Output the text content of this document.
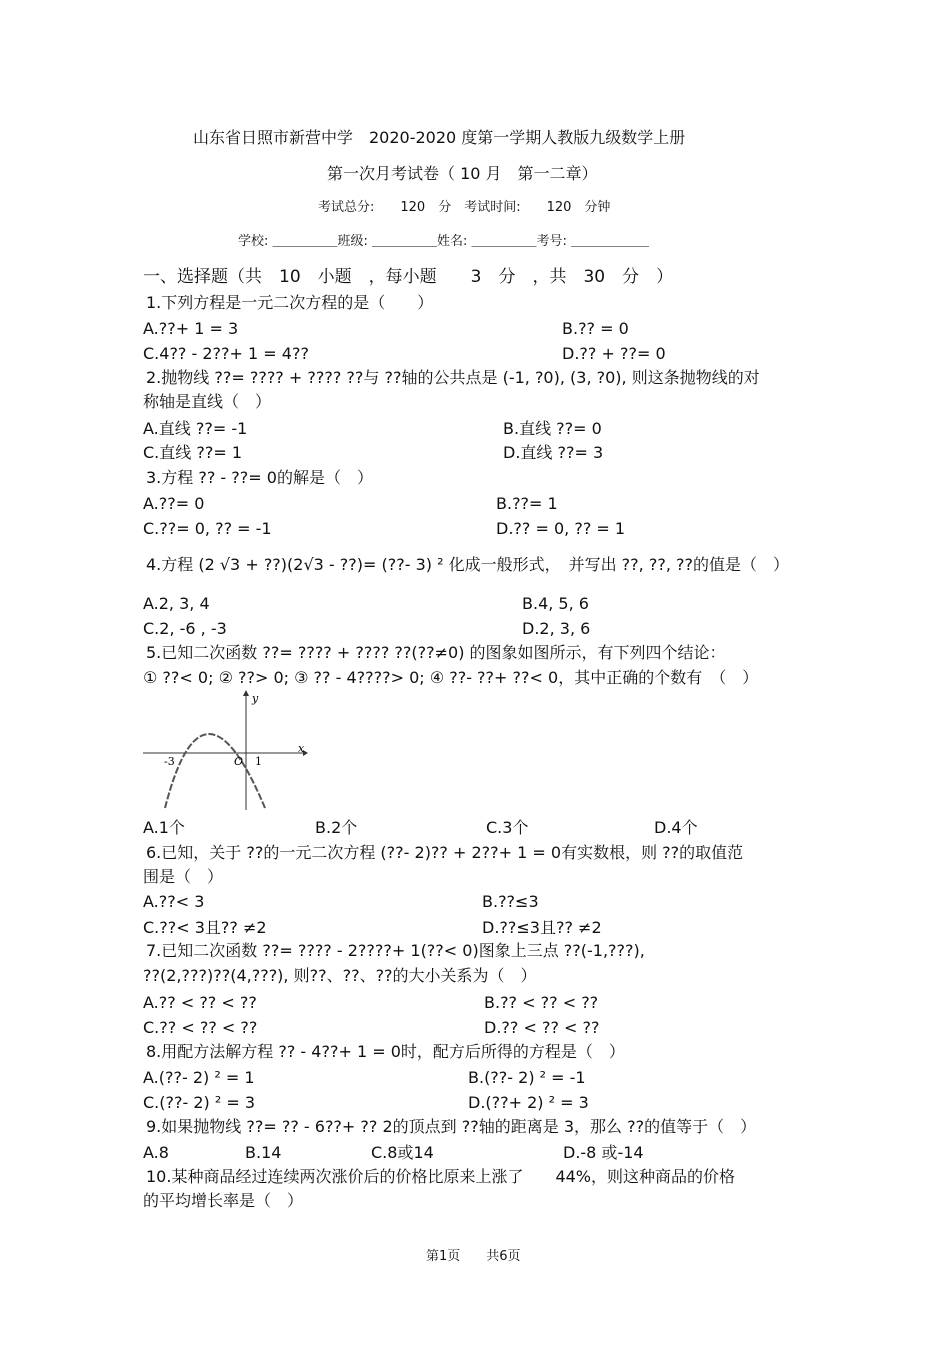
山东省日照市新营中学　2020-2020 度第一学期人教版九级数学上册
第一次月考试卷（ 10 月　第一二章）
考试总分:　　120　分　考试时间:　　120　分钟
学校: ＿＿＿＿＿班级: ＿＿＿＿＿姓名: ＿＿＿＿＿考号: ＿＿＿＿＿＿
一、选择题（共　10　小题　，每小题　　3　分　，共　30　分　）
1.下列方程是一元二次方程的是（　　）
A.??+ 1 = 3	B.?? = 0
C.4?? - 2??+ 1 = 4??	D.?? + ??= 0
2.抛物线 ??= ???? + ???? ??与 ??轴的公共点是 (-1, ?0), (3, ?0), 则这条抛物线的对
称轴是直线（　）
A.直线 ??= -1	B.直线 ??= 0
C.直线 ??= 1	D.直线 ??= 3
3.方程 ?? - ??= 0的解是（　）
A.??= 0	B.??= 1
C.??= 0, ?? = -1	D.?? = 0, ?? = 1
4.方程 (2 √3 + ??)(2√3 - ??)= (??- 3) ² 化成一般形式，　并写出 ??, ??, ??的值是（　）
A.2, 3, 4	B.4, 5, 6
C.2, -6 , -3	D.2, 3, 6
5.已知二次函数 ??= ???? + ???? ??(??≠0) 的图象如图所示，有下列四个结论：
① ??< 0; ② ??> 0; ③ ?? - 4????> 0; ④ ??- ??+ ??< 0，其中正确的个数有　（　）
y
x
-3	O 1
A.1个	B.2个	C.3个	D.4个
6.已知，关于 ??的一元二次方程 (??- 2)?? + 2??+ 1 = 0有实数根，则 ??的取值范
围是（　）
A.??< 3	B.??≤3
C.??< 3且?? ≠2	D.??≤3且?? ≠2
7.已知二次函数 ??= ???? - 2????+ 1(??< 0)图象上三点 ??(-1,???),
??(2,???)??(4,???), 则??、??、??的大小关系为（　）
A.?? < ?? < ??	B.?? < ?? < ??
C.?? < ?? < ??	D.?? < ?? < ??
8.用配方法解方程 ?? - 4??+ 1 = 0时，配方后所得的方程是（　）
A.(??- 2) ² = 1	B.(??- 2) ² = -1
C.(??- 2) ² = 3	D.(??+ 2) ² = 3
9.如果抛物线 ??= ?? - 6??+ ?? 2的顶点到 ??轴的距离是 3，那么 ??的值等于（　）
A.8	B.14	C.8或14	D.-8 或-14
10.某种商品经过连续两次涨价后的价格比原来上涨了　　44%，则这种商品的价格
的平均增长率是（　）
第1页　　共6页
